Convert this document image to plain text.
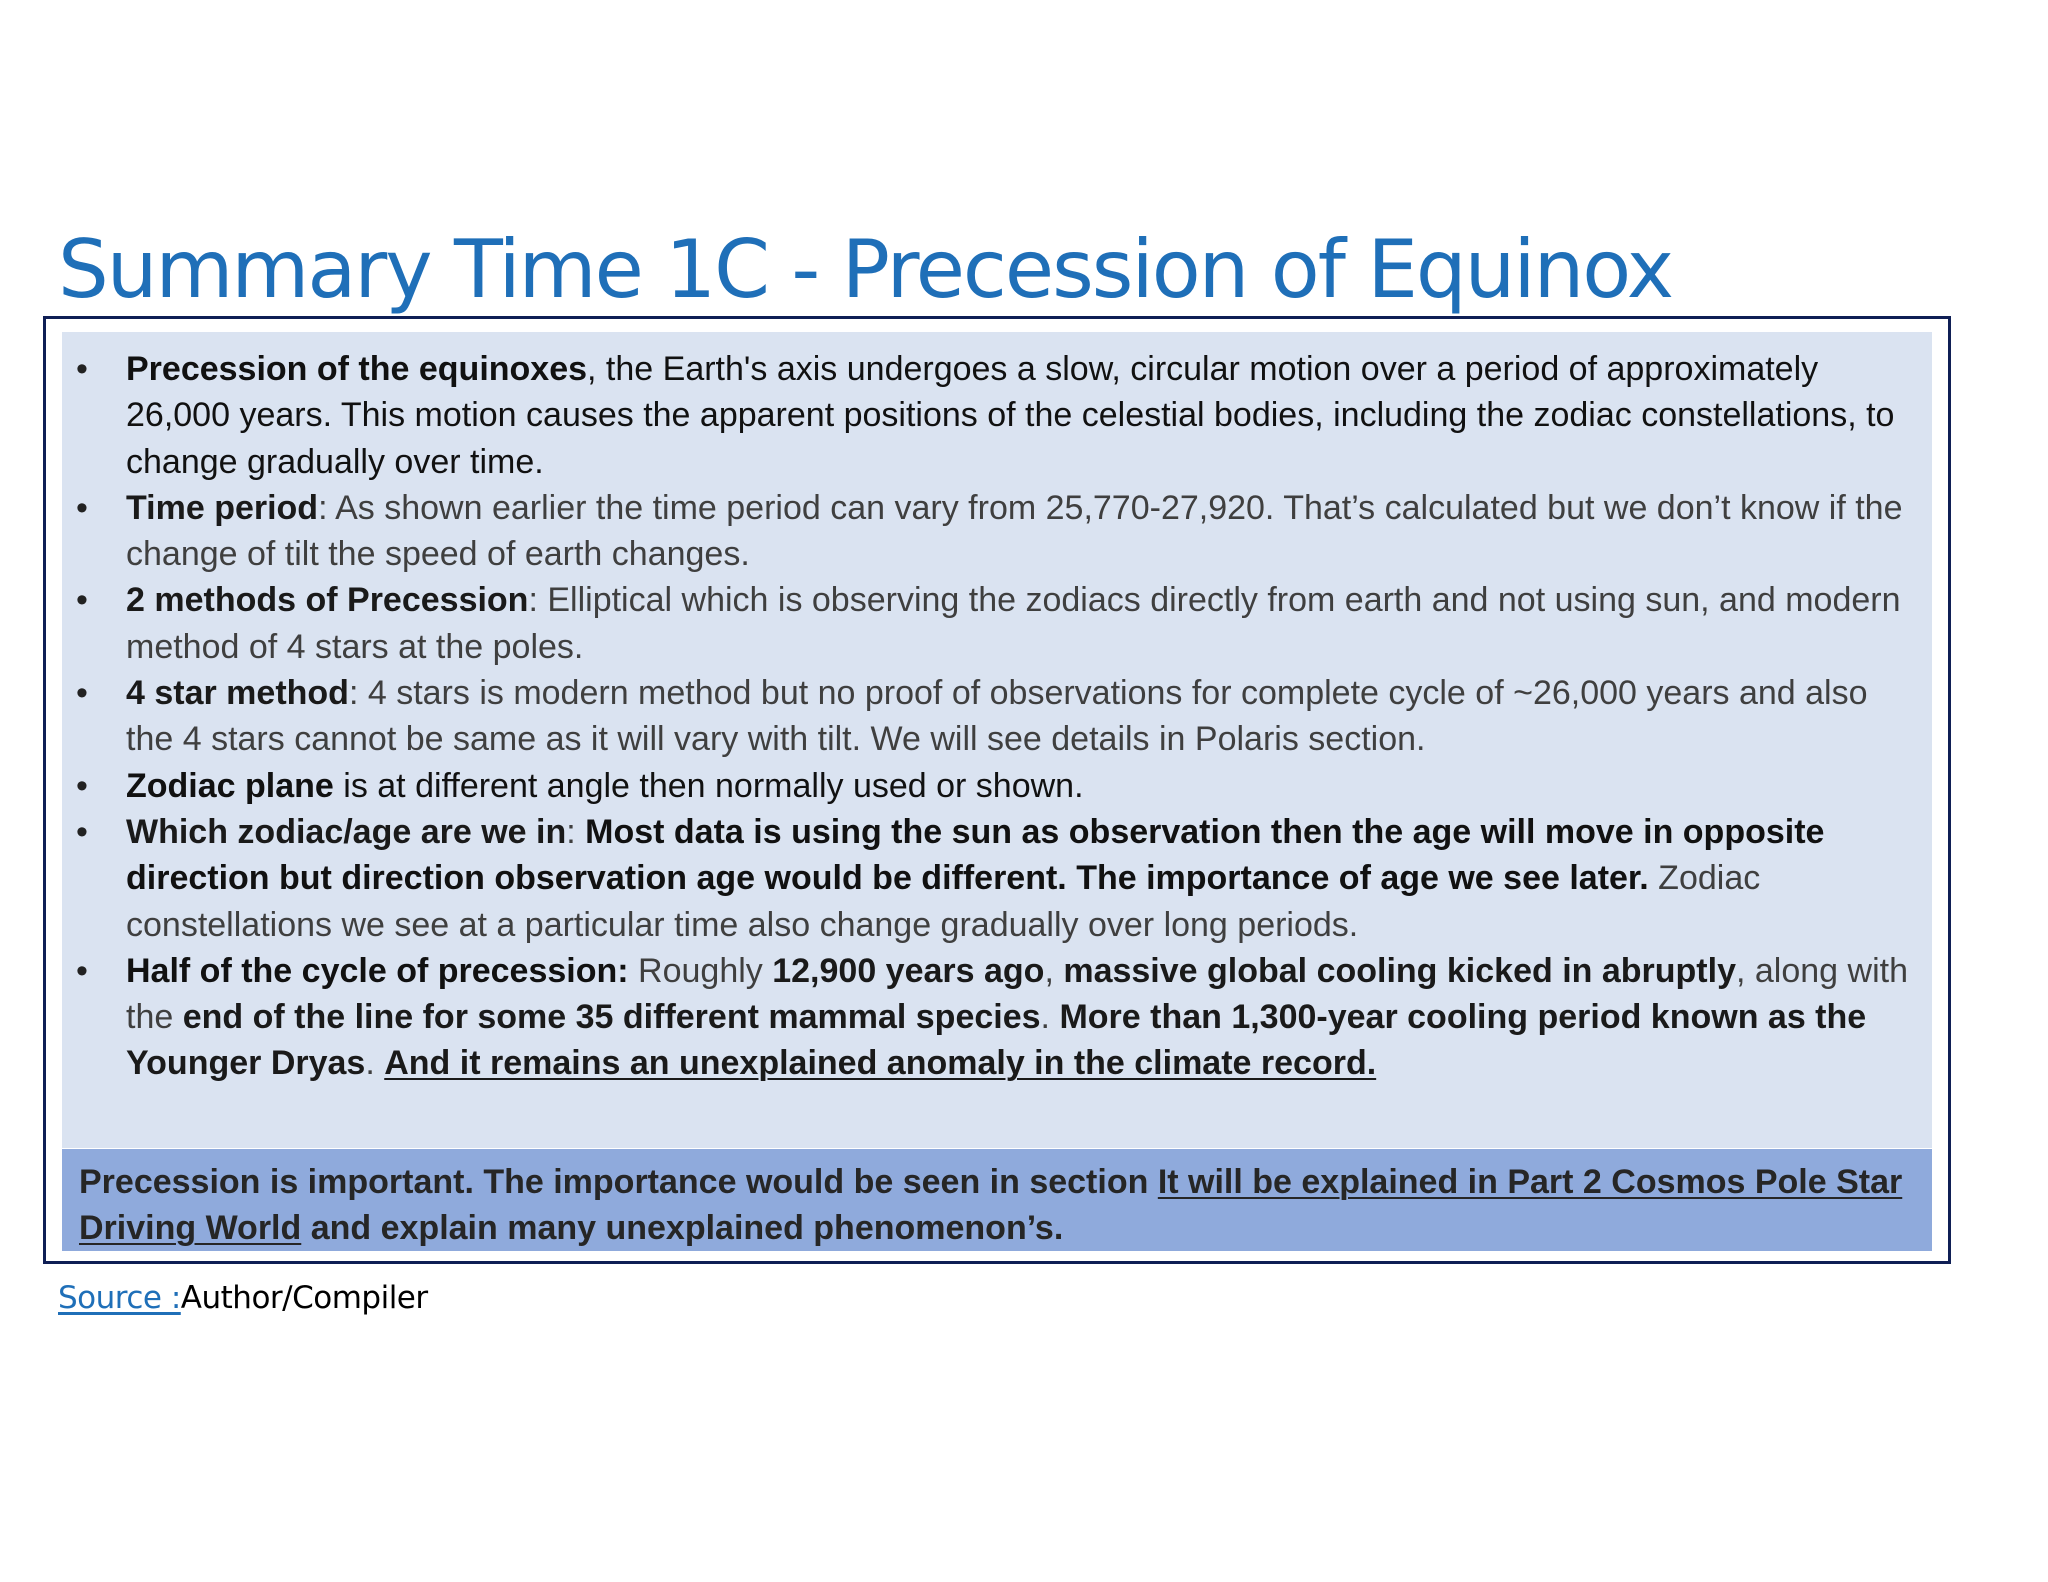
Summary Time 1C - Precession of Equinox
• Precession of the equinoxes, the Earth's axis undergoes a slow, circular motion over a period of approximately 26,000 years. This motion causes the apparent positions of the celestial bodies, including the zodiac constellations, to change gradually over time.
• Time period: As shown earlier the time period can vary from 25,770-27,920. That’s calculated but we don’t know if the change of tilt the speed of earth changes.
• 2 methods of Precession: Elliptical which is observing the zodiacs directly from earth and not using sun, and modern method of 4 stars at the poles.
• 4 star method: 4 stars is modern method but no proof of observations for complete cycle of ~26,000 years and also the 4 stars cannot be same as it will vary with tilt. We will see details in Polaris section.
• Zodiac plane is at different angle then normally used or shown.
• Which zodiac/age are we in: Most data is using the sun as observation then the age will move in opposite direction but direction observation age would be different. The importance of age we see later. Zodiac constellations we see at a particular time also change gradually over long periods.
• Half of the cycle of precession: Roughly 12,900 years ago, massive global cooling kicked in abruptly, along with the end of the line for some 35 different mammal species. More than 1,300-year cooling period known as the Younger Dryas. And it remains an unexplained anomaly in the climate record.

Precession is important. The importance would be seen in section It will be explained in Part 2 Cosmos Pole Star Driving World and explain many unexplained phenomenon’s.

Source :Author/Compiler
